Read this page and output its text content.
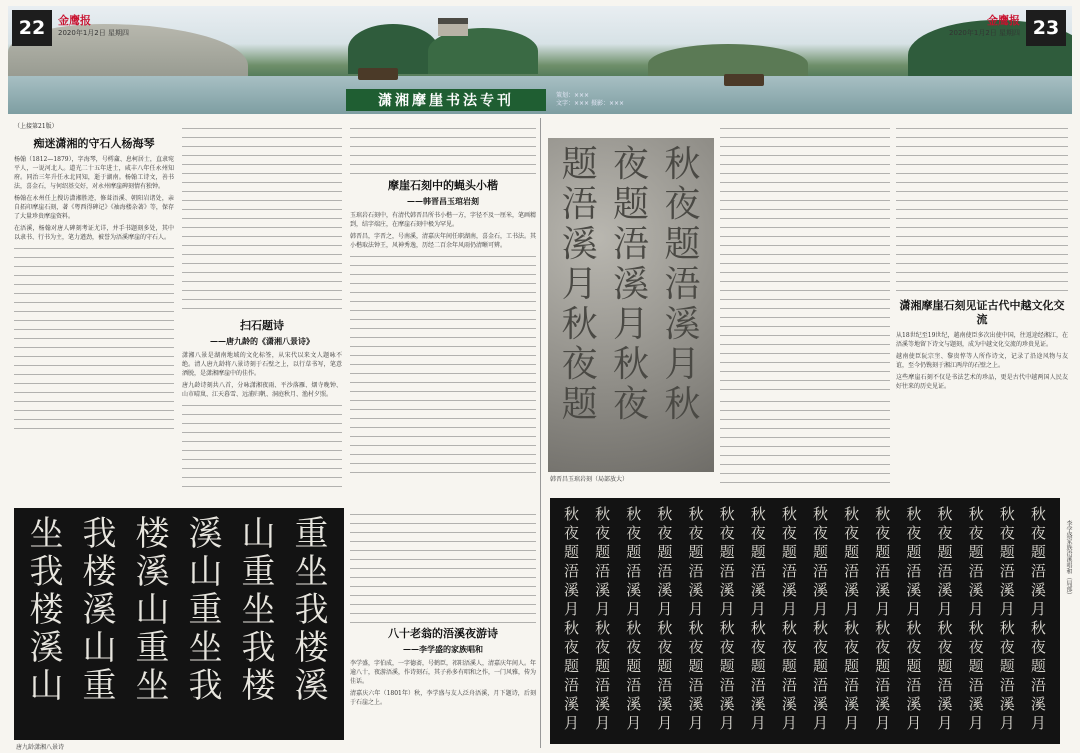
潇湘摩崖书法专刊	策划：×××
文字：××× 摄影：×××
22	金鹰报
2020年1月2日 星期四	23
金鹰报
2020年1月2日 星期四
（上接第21版）
痴迷潇湘的守石人杨海琴

杨翰（1812—1879），字海琴，号樗盦、息柯居士，直隶宛平人，一说河北人。道光二十五年进士，咸丰八年任永州知府。同治三年升任永北同知，逝于湖南。杨翰工诗文，善书法，喜金石，与何绍基交好，对永州摩崖碑刻情有独钟。

杨翰在永州任上搜访潇湘胜迹，修葺浯溪、朝阳岩诸处，亲自拓印摩崖石刻，著《粤西得碑记》《袖海楼杂著》等，保存了大量珍贵摩崖资料。

在浯溪，杨翰对唐人碑刻考证尤详，并手书题刻多处，其中以隶书、行书为主，笔力遒劲，被誉为浯溪摩崖的守石人。

扫石题诗
——唐九龄的《潇湘八景诗》

潇湘八景是湖南地域的文化标签，从宋代以来文人题咏不绝。清人唐九龄将八景诗刻于石壁之上，以行草书写，笔意洒脱，是潇湘摩崖中的佳作。

唐九龄诗刻共八首，分咏潇湘夜雨、平沙落雁、烟寺晚钟、山市晴岚、江天暮雪、远浦归帆、洞庭秋月、渔村夕照。

摩崖石刻中的蝇头小楷
——韩晋昌玉琯岩刻

玉琯岩石刻中，有清代韩晋昌所书小楷一方，字径不及一厘米，笔画精到，结字端庄，在摩崖石刻中极为罕见。

韩晋昌，字晋之，号南溪，清嘉庆年间任职湖南，喜金石，工书法。其小楷取法钟王，风神秀逸，历经二百余年风雨仍清晰可辨。

重
坐
我
楼
溪
山
重
坐
我
楼
溪
山
重
坐
我
楼
溪
山
重
坐
我
楼
溪
山
重
坐
我
楼
溪
山
唐九龄潇湘八景诗
八十老翁的浯溪夜游诗
——李学盛的家族唱和

李学盛，字伯成，一字德斋，号鹤臣，祁阳浯溪人，清嘉庆年间人。年逾八十，夜游浯溪，作诗刻石，其子孙多有唱和之作，一门风雅，传为佳话。

清嘉庆六年（1801年）秋，李学盛与友人泛舟浯溪，月下题诗，后刻于石崖之上。

秋
夜
题
浯
溪
月
秋
夜
题
浯
溪
月
秋
夜
题
浯
溪
月
秋
夜
题
韩晋昌玉琯岩刻（局部放大）
潇湘摩崖石刻见证古代中越文化交流

从18世纪至19世纪，越南使臣多次出使中国，往返途经湘江，在浯溪等地留下诗文与题刻，成为中越文化交流的珍贵见证。

越南使臣阮宗窐、黎贵惇等人所作诗文，记录了沿途风物与友谊，至今仍镌刻于湘江两岸的石壁之上。

这些摩崖石刻不仅是书法艺术的珍品，更是古代中越两国人民友好往来的历史见证。

秋
夜
题
浯
溪
月
秋
夜
题
浯
溪
月
秋
夜
题
浯
溪
月
秋
夜
题
浯
溪
月
秋
夜
题
浯
溪
月
秋
夜
题
浯
溪
月
秋
夜
题
浯
溪
月
秋
夜
题
浯
溪
月
秋
夜
题
浯
溪
月
秋
夜
题
浯
溪
月
秋
夜
题
浯
溪
月
秋
夜
题
浯
溪
月
秋
夜
题
浯
溪
月
秋
夜
题
浯
溪
月
秋
夜
题
浯
溪
月
秋
夜
题
浯
溪
月
秋
夜
题
浯
溪
月
秋
夜
题
浯
溪
月
秋
夜
题
浯
溪
月
秋
夜
题
浯
溪
月
秋
夜
题
浯
溪
月
秋
夜
题
浯
溪
月
秋
夜
题
浯
溪
月
秋
夜
题
浯
溪
月
秋
夜
题
浯
溪
月
秋
夜
题
浯
溪
月
秋
夜
题
浯
溪
月
秋
夜
题
浯
溪
月
秋
夜
题
浯
溪
月
秋
夜
题
浯
溪
月
秋
夜
题
浯
溪
月
秋
夜
题
浯
溪
月
李学盛家族浯溪唱和（局部）
